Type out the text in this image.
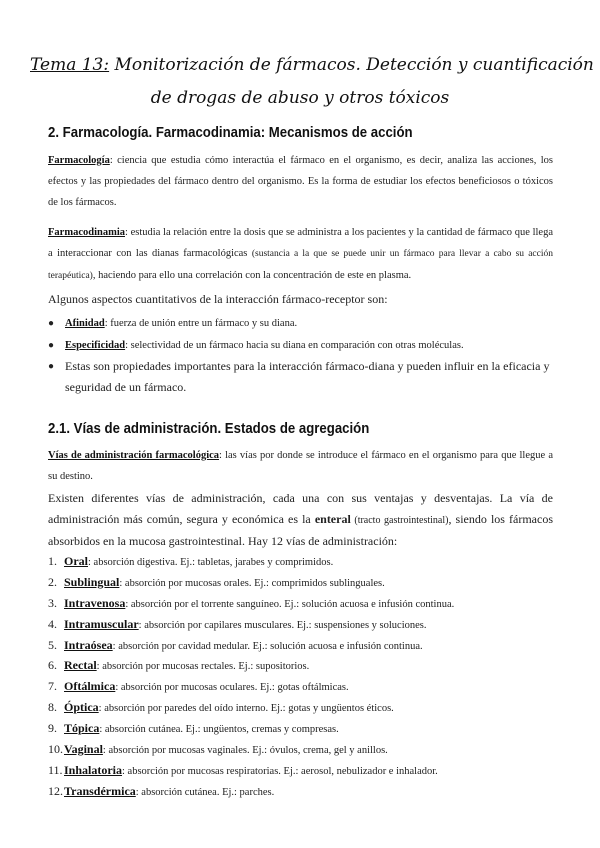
Tema 13: Monitorización de fármacos. Detección y cuantificación
de drogas de abuso y otros tóxicos
2. Farmacología. Farmacodinamia: Mecanismos de acción
Farmacología: ciencia que estudia cómo interactúa el fármaco en el organismo, es decir, analiza las acciones, los efectos y las propiedades del fármaco dentro del organismo. Es la forma de estudiar los efectos beneficiosos o tóxicos de los fármacos.
Farmacodinamia: estudia la relación entre la dosis que se administra a los pacientes y la cantidad de fármaco que llega a interaccionar con las dianas farmacológicas (sustancia a la que se puede unir un fármaco para llevar a cabo su acción terapéutica), haciendo para ello una correlación con la concentración de este en plasma.
Algunos aspectos cuantitativos de la interacción fármaco-receptor son:
● Afinidad: fuerza de unión entre un fármaco y su diana.
● Especificidad: selectividad de un fármaco hacia su diana en comparación con otras moléculas.
● Estas son propiedades importantes para la interacción fármaco-diana y pueden influir en la eficacia y seguridad de un fármaco.
2.1. Vías de administración. Estados de agregación
Vías de administración farmacológica: las vías por donde se introduce el fármaco en el organismo para que llegue a su destino.
Existen diferentes vías de administración, cada una con sus ventajas y desventajas. La vía de administración más común, segura y económica es la enteral (tracto gastrointestinal), siendo los fármacos absorbidos en la mucosa gastrointestinal. Hay 12 vías de administración:
1. Oral: absorción digestiva. Ej.: tabletas, jarabes y comprimidos.
2. Sublingual: absorción por mucosas orales. Ej.: comprimidos sublinguales.
3. Intravenosa: absorción por el torrente sanguíneo. Ej.: solución acuosa e infusión continua.
4. Intramuscular: absorción por capilares musculares. Ej.: suspensiones y soluciones.
5. Intraósea: absorción por cavidad medular. Ej.: solución acuosa e infusión continua.
6. Rectal: absorción por mucosas rectales. Ej.: supositorios.
7. Oftálmica: absorción por mucosas oculares. Ej.: gotas oftálmicas.
8. Óptica: absorción por paredes del oído interno. Ej.: gotas y ungüentos éticos.
9. Tópica: absorción cutánea. Ej.: ungüentos, cremas y compresas.
10.Vaginal: absorción por mucosas vaginales. Ej.: óvulos, crema, gel y anillos.
11.Inhalatoria: absorción por mucosas respiratorias. Ej.: aerosol, nebulizador e inhalador.
12.Transdérmica: absorción cutánea. Ej.: parches.
